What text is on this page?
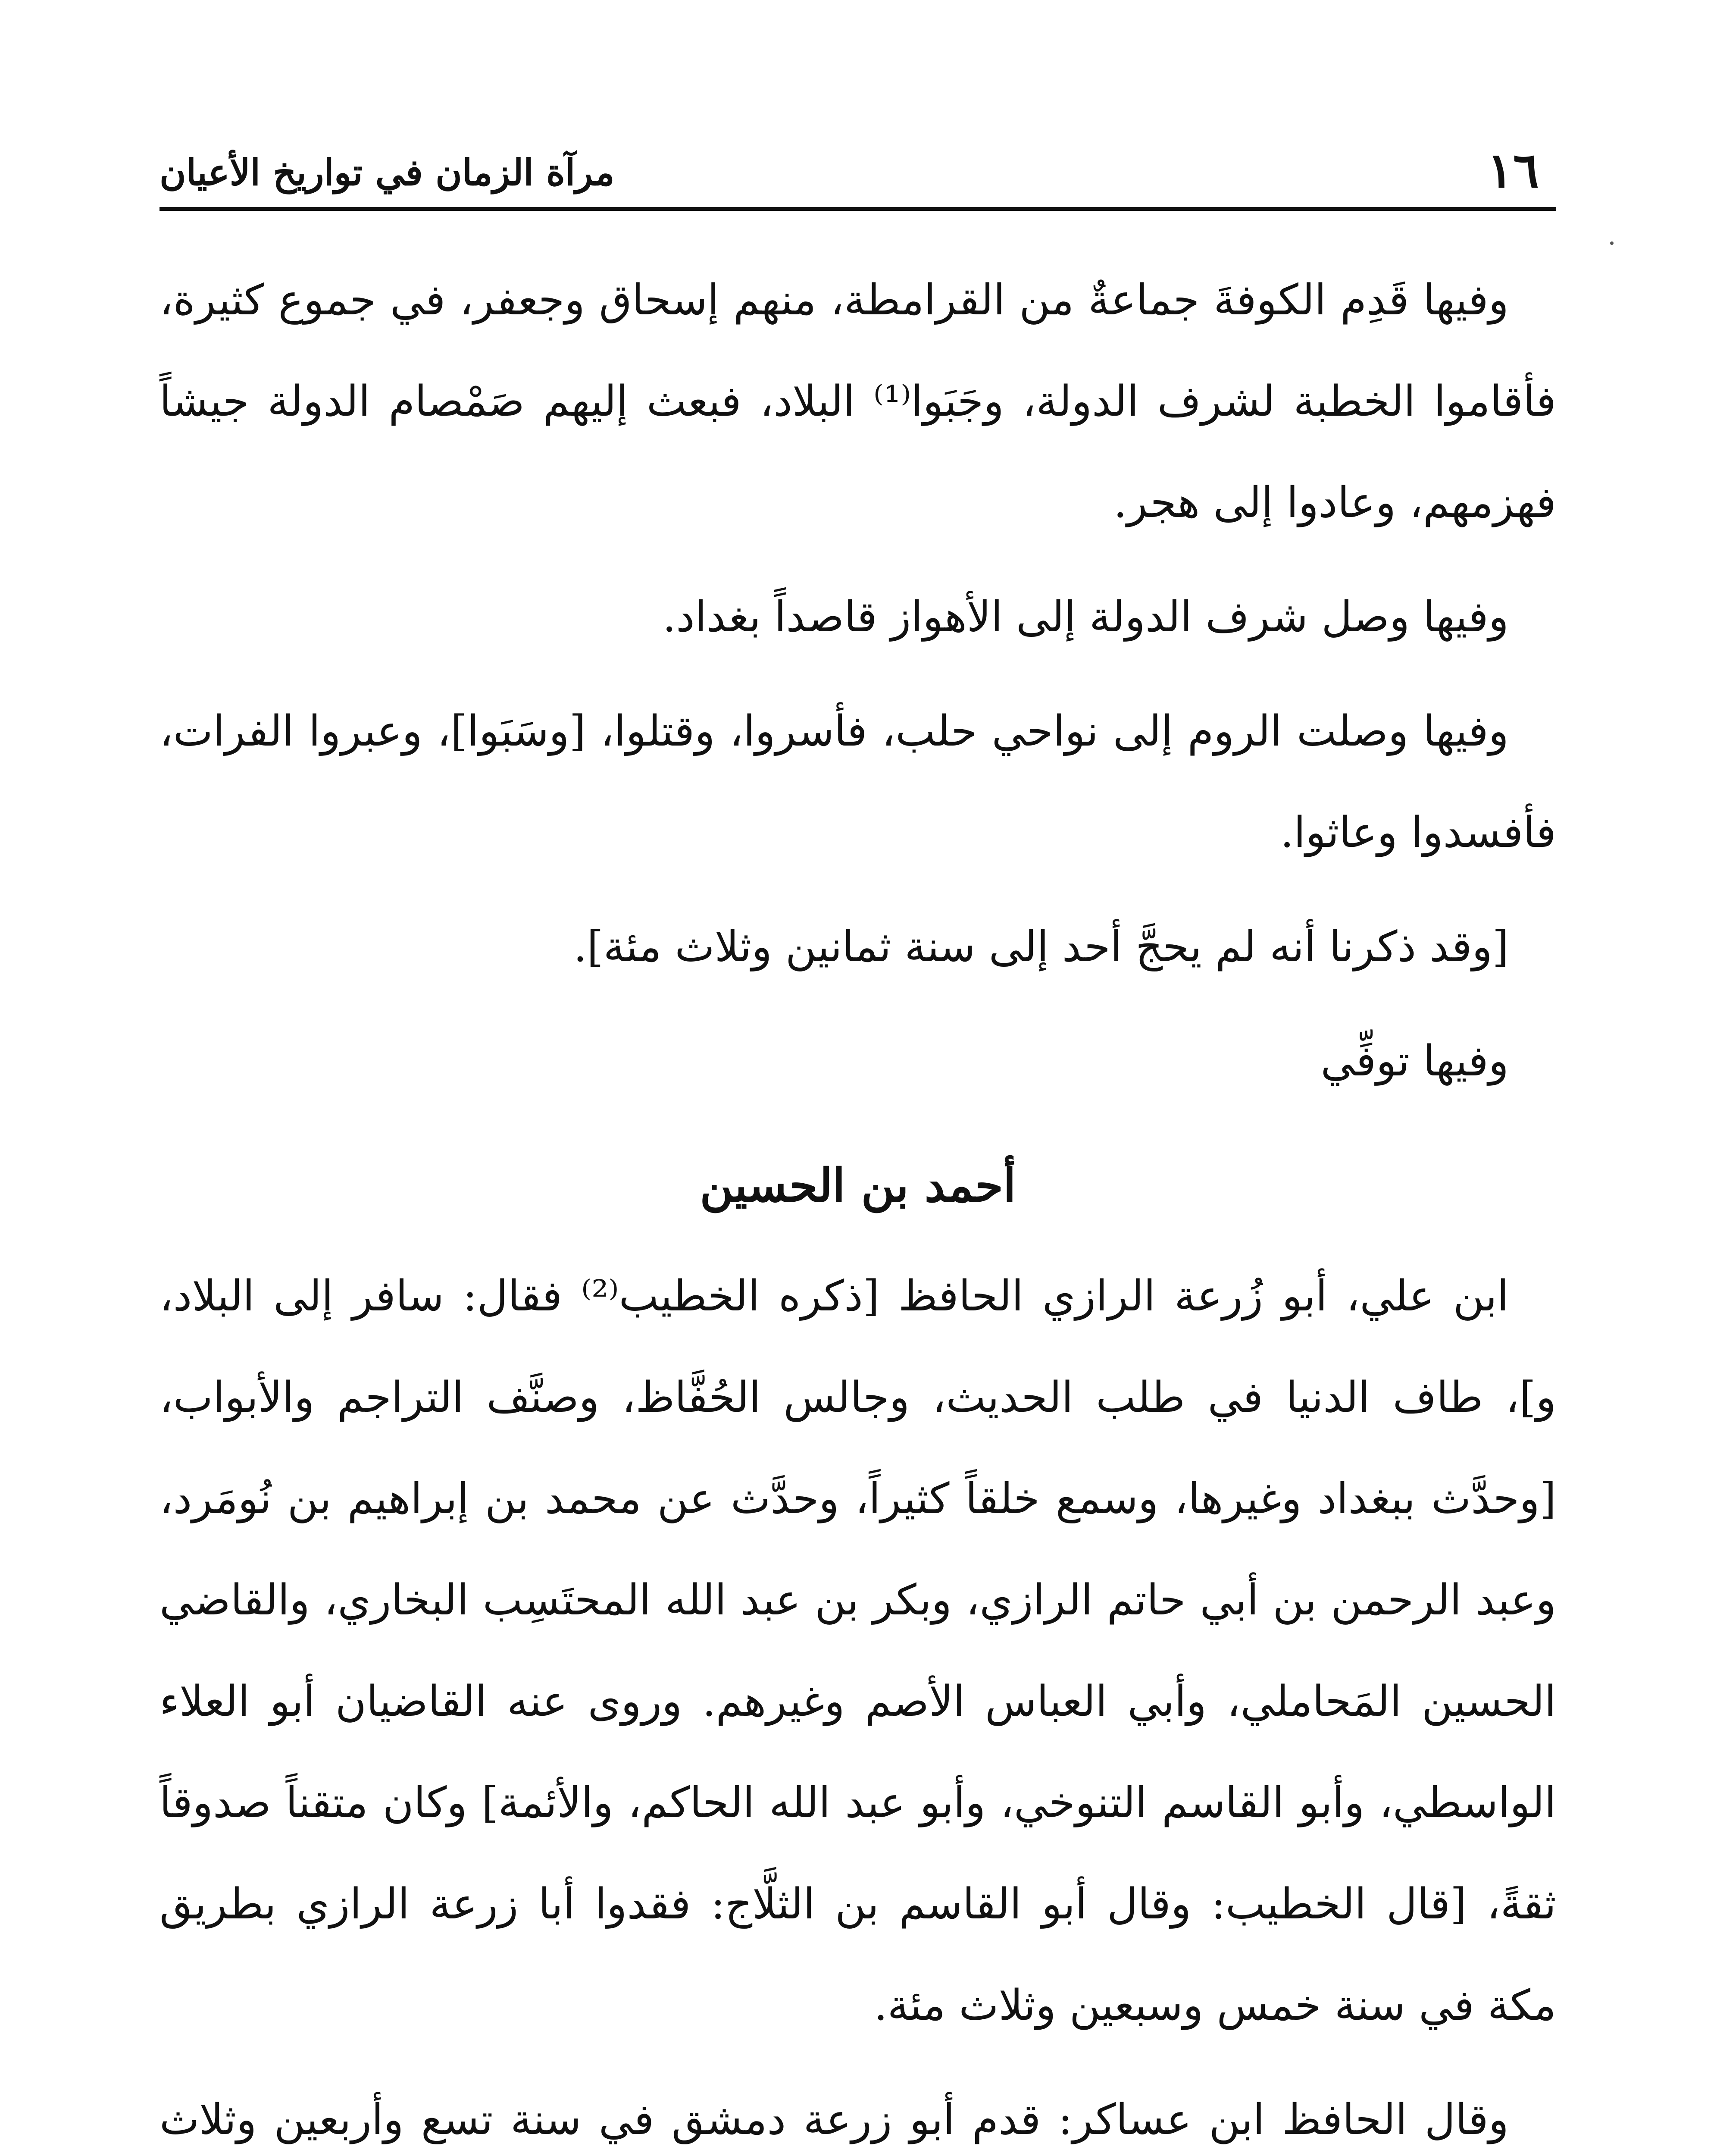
١٦
مرآة الزمان في تواريخ الأعيان

وفيها قَدِم الكوفةَ جماعةٌ من القرامطة، منهم إسحاق وجعفر، في جموع كثيرة، فأقاموا الخطبة لشرف الدولة، وجَبَوا⁽¹⁾ البلاد، فبعث إليهم صَمْصام الدولة جيشاً فهزمهم، وعادوا إلى هجر.

وفيها وصل شرف الدولة إلى الأهواز قاصداً بغداد.

وفيها وصلت الروم إلى نواحي حلب، فأسروا، وقتلوا، [وسَبَوا]، وعبروا الفرات، فأفسدوا وعاثوا.

[وقد ذكرنا أنه لم يحجَّ أحد إلى سنة ثمانين وثلاث مئة].

وفيها توفِّي

أحمد بن الحسين

ابن علي، أبو زُرعة الرازي الحافظ [ذكره الخطيب⁽²⁾ فقال: سافر إلى البلاد، و]، طاف الدنيا في طلب الحديث، وجالس الحُفَّاظ، وصنَّف التراجم والأبواب، [وحدَّث ببغداد وغيرها، وسمع خلقاً كثيراً، وحدَّث عن محمد بن إبراهيم بن نُومَرد، وعبد الرحمن بن أبي حاتم الرازي، وبكر بن عبد الله المحتَسِب البخاري، والقاضي الحسين المَحاملي، وأبي العباس الأصم وغيرهم. وروى عنه القاضيان أبو العلاء الواسطي، وأبو القاسم التنوخي، وأبو عبد الله الحاكم، والأئمة] وكان متقناً صدوقاً ثقةً، [قال الخطيب: وقال أبو القاسم بن الثلَّاج: فقدوا أبا زرعة الرازي بطريق مكة في سنة خمس وسبعين وثلاث مئة.

وقال الحافظ ابن عساكر: قدم أبو زرعة دمشق في سنة تسع وأربعين وثلاث
